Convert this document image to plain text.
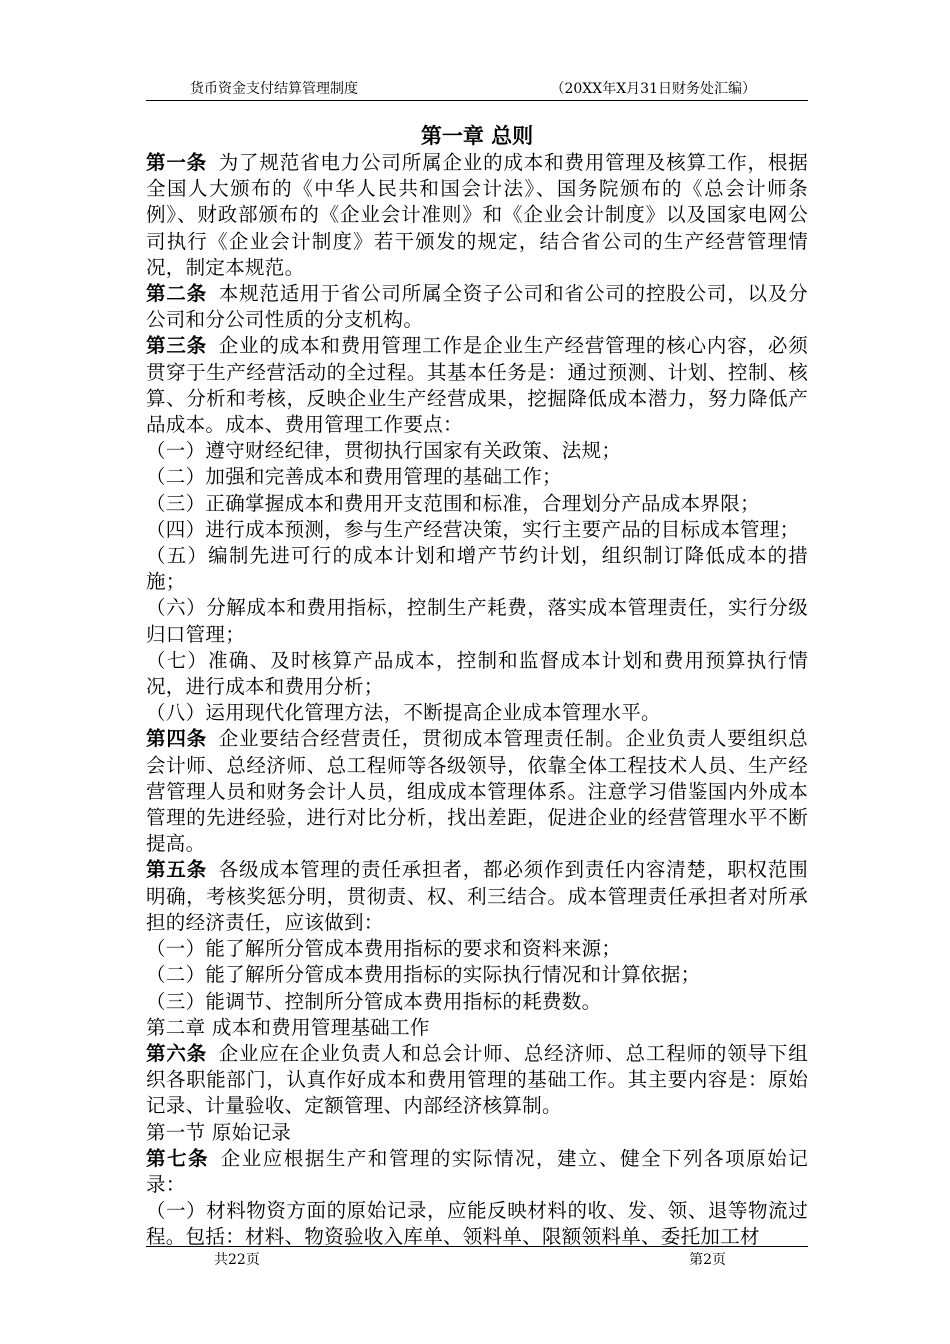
货币资金支付结算管理制度	（20XX年X月31日财务处汇编）
第一章 总则

第一条 为了规范省电力公司所属企业的成本和费用管理及核算工作，根据全国人大颁布的《中华人民共和国会计法》、国务院颁布的《总会计师条例》、财政部颁布的《企业会计准则》和《企业会计制度》以及国家电网公司执行《企业会计制度》若干颁发的规定，结合省公司的生产经营管理情况，制定本规范。

第二条 本规范适用于省公司所属全资子公司和省公司的控股公司，以及分公司和分公司性质的分支机构。

第三条 企业的成本和费用管理工作是企业生产经营管理的核心内容，必须贯穿于生产经营活动的全过程。其基本任务是：通过预测、计划、控制、核算、分析和考核，反映企业生产经营成果，挖掘降低成本潜力，努力降低产品成本。成本、费用管理工作要点：

（一）遵守财经纪律，贯彻执行国家有关政策、法规；

（二）加强和完善成本和费用管理的基础工作；

（三）正确掌握成本和费用开支范围和标准，合理划分产品成本界限；

（四）进行成本预测，参与生产经营决策，实行主要产品的目标成本管理；

（五）编制先进可行的成本计划和增产节约计划，组织制订降低成本的措施；

（六）分解成本和费用指标，控制生产耗费，落实成本管理责任，实行分级归口管理；

（七）准确、及时核算产品成本，控制和监督成本计划和费用预算执行情况，进行成本和费用分析；

（八）运用现代化管理方法，不断提高企业成本管理水平。

第四条 企业要结合经营责任，贯彻成本管理责任制。企业负责人要组织总会计师、总经济师、总工程师等各级领导，依靠全体工程技术人员、生产经营管理人员和财务会计人员，组成成本管理体系。注意学习借鉴国内外成本管理的先进经验，进行对比分析，找出差距，促进企业的经营管理水平不断提高。

第五条 各级成本管理的责任承担者，都必须作到责任内容清楚，职权范围明确，考核奖惩分明，贯彻责、权、利三结合。成本管理责任承担者对所承担的经济责任，应该做到：

（一）能了解所分管成本费用指标的要求和资料来源；

（二）能了解所分管成本费用指标的实际执行情况和计算依据；

（三）能调节、控制所分管成本费用指标的耗费数。

第二章 成本和费用管理基础工作

第六条 企业应在企业负责人和总会计师、总经济师、总工程师的领导下组织各职能部门，认真作好成本和费用管理的基础工作。其主要内容是：原始记录、计量验收、定额管理、内部经济核算制。

第一节 原始记录

第七条 企业应根据生产和管理的实际情况，建立、健全下列各项原始记录：

（一）材料物资方面的原始记录，应能反映材料的收、发、领、退等物流过程。包括：材料、物资验收入库单、领料单、限额领料单、委托加工材

共22页	第2页
